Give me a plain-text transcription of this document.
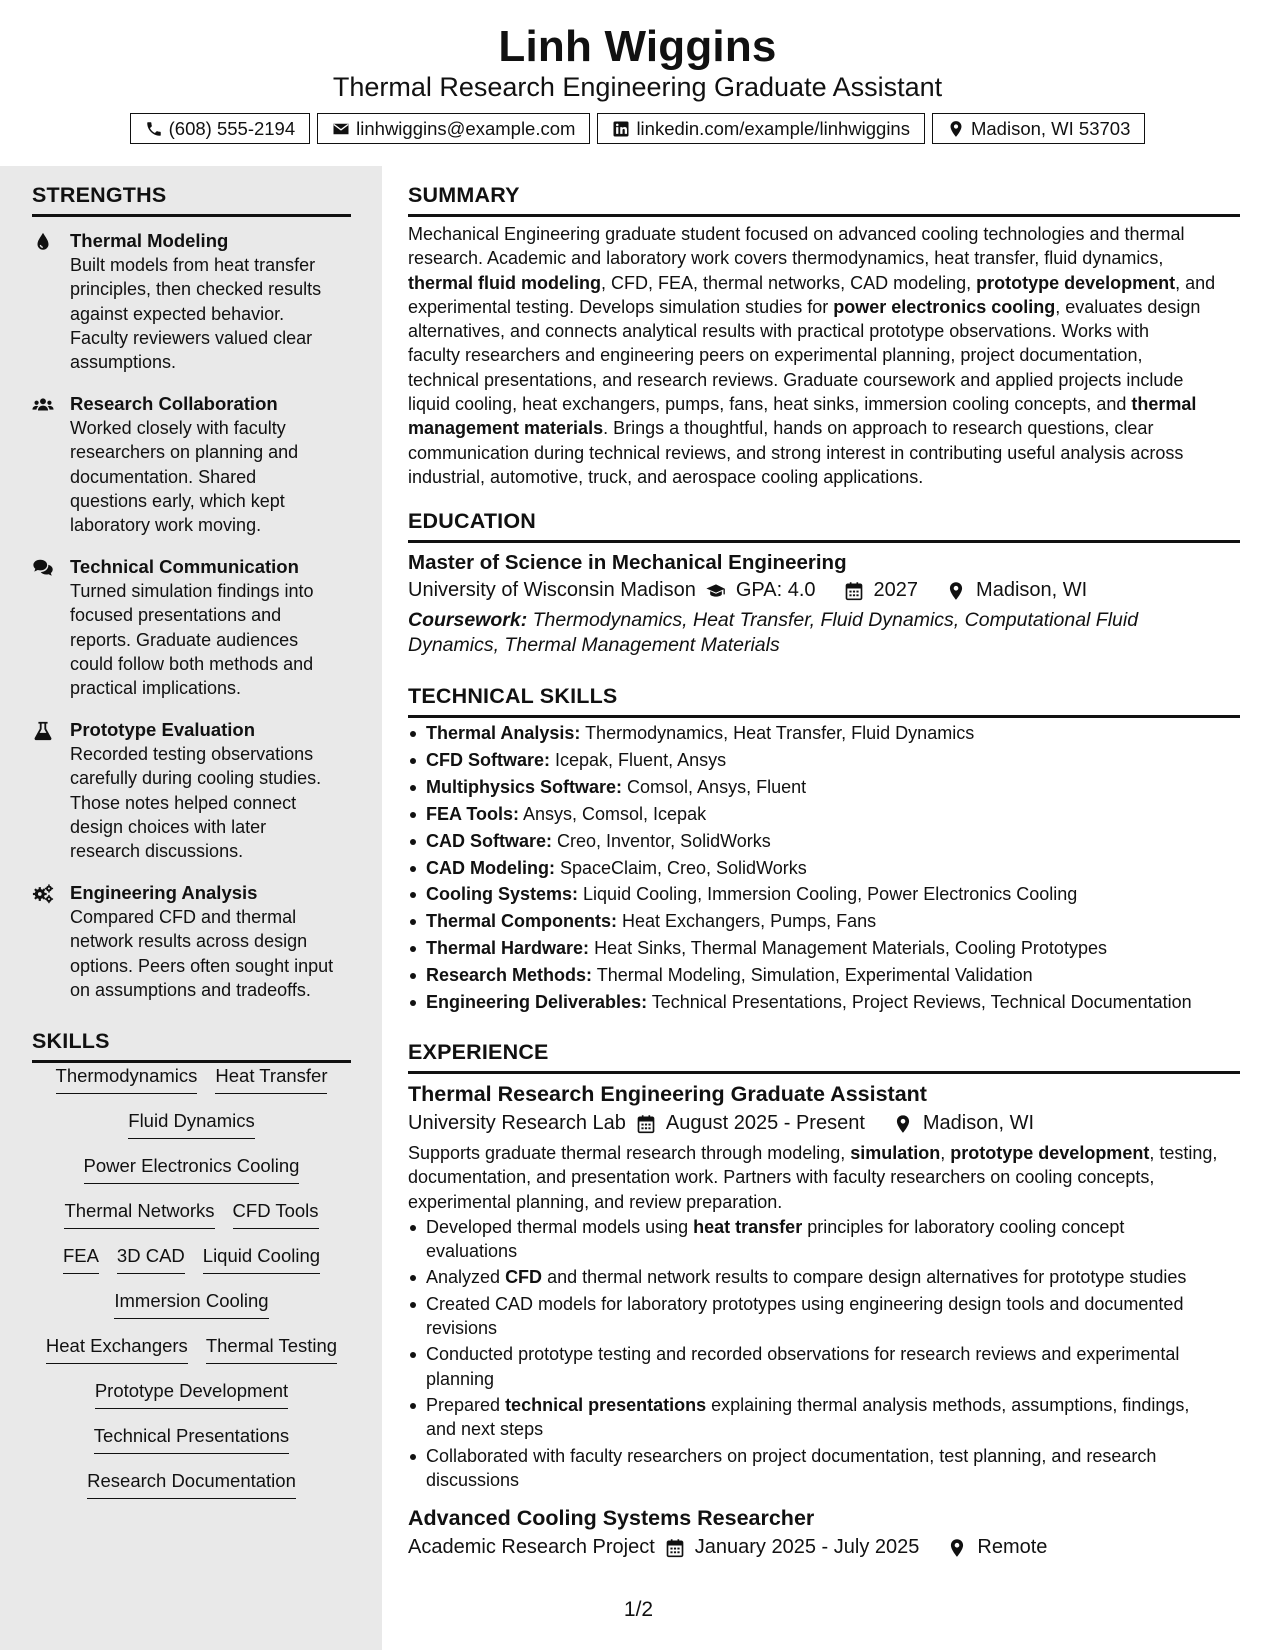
Linh Wiggins
Thermal Research Engineering Graduate Assistant
(608) 555-2194	linhwiggins@example.com	linkedin.com/example/linhwiggins	Madison, WI 53703
STRENGTHS
Thermal Modeling
Built models from heat transfer
principles, then checked results
against expected behavior.
Faculty reviewers valued clear
assumptions.
Research Collaboration
Worked closely with faculty
researchers on planning and
documentation. Shared
questions early, which kept
laboratory work moving.
Technical Communication
Turned simulation findings into
focused presentations and
reports. Graduate audiences
could follow both methods and
practical implications.
Prototype Evaluation
Recorded testing observations
carefully during cooling studies.
Those notes helped connect
design choices with later
research discussions.
Engineering Analysis
Compared CFD and thermal
network results across design
options. Peers often sought input
on assumptions and tradeoffs.
SKILLS
Thermodynamics Heat Transfer
Fluid Dynamics
Power Electronics Cooling
Thermal Networks CFD Tools
FEA 3D CAD Liquid Cooling
Immersion Cooling
Heat Exchangers Thermal Testing
Prototype Development
Technical Presentations
Research Documentation
SUMMARY
Mechanical Engineering graduate student focused on advanced cooling technologies and thermal
research. Academic and laboratory work covers thermodynamics, heat transfer, fluid dynamics,
thermal fluid modeling, CFD, FEA, thermal networks, CAD modeling, prototype development, and
experimental testing. Develops simulation studies for power electronics cooling, evaluates design
alternatives, and connects analytical results with practical prototype observations. Works with
faculty researchers and engineering peers on experimental planning, project documentation,
technical presentations, and research reviews. Graduate coursework and applied projects include
liquid cooling, heat exchangers, pumps, fans, heat sinks, immersion cooling concepts, and thermal
management materials. Brings a thoughtful, hands on approach to research questions, clear
communication during technical reviews, and strong interest in contributing useful analysis across
industrial, automotive, truck, and aerospace cooling applications.
EDUCATION
Master of Science in Mechanical Engineering
University of Wisconsin Madison GPA: 4.0	2027	Madison, WI
Coursework: Thermodynamics, Heat Transfer, Fluid Dynamics, Computational Fluid
Dynamics, Thermal Management Materials
TECHNICAL SKILLS
Thermal Analysis: Thermodynamics, Heat Transfer, Fluid Dynamics
CFD Software: Icepak, Fluent, Ansys
Multiphysics Software: Comsol, Ansys, Fluent
FEA Tools: Ansys, Comsol, Icepak
CAD Software: Creo, Inventor, SolidWorks
CAD Modeling: SpaceClaim, Creo, SolidWorks
Cooling Systems: Liquid Cooling, Immersion Cooling, Power Electronics Cooling
Thermal Components: Heat Exchangers, Pumps, Fans
Thermal Hardware: Heat Sinks, Thermal Management Materials, Cooling Prototypes
Research Methods: Thermal Modeling, Simulation, Experimental Validation
Engineering Deliverables: Technical Presentations, Project Reviews, Technical Documentation
EXPERIENCE
Thermal Research Engineering Graduate Assistant
University Research Lab August 2025 - Present	Madison, WI
Supports graduate thermal research through modeling, simulation, prototype development, testing,
documentation, and presentation work. Partners with faculty researchers on cooling concepts,
experimental planning, and review preparation.
Developed thermal models using heat transfer principles for laboratory cooling concept
evaluations
Analyzed CFD and thermal network results to compare design alternatives for prototype studies
Created CAD models for laboratory prototypes using engineering design tools and documented
revisions
Conducted prototype testing and recorded observations for research reviews and experimental
planning
Prepared technical presentations explaining thermal analysis methods, assumptions, findings,
and next steps
Collaborated with faculty researchers on project documentation, test planning, and research
discussions
Advanced Cooling Systems Researcher
Academic Research Project January 2025 - July 2025	Remote
1/2
